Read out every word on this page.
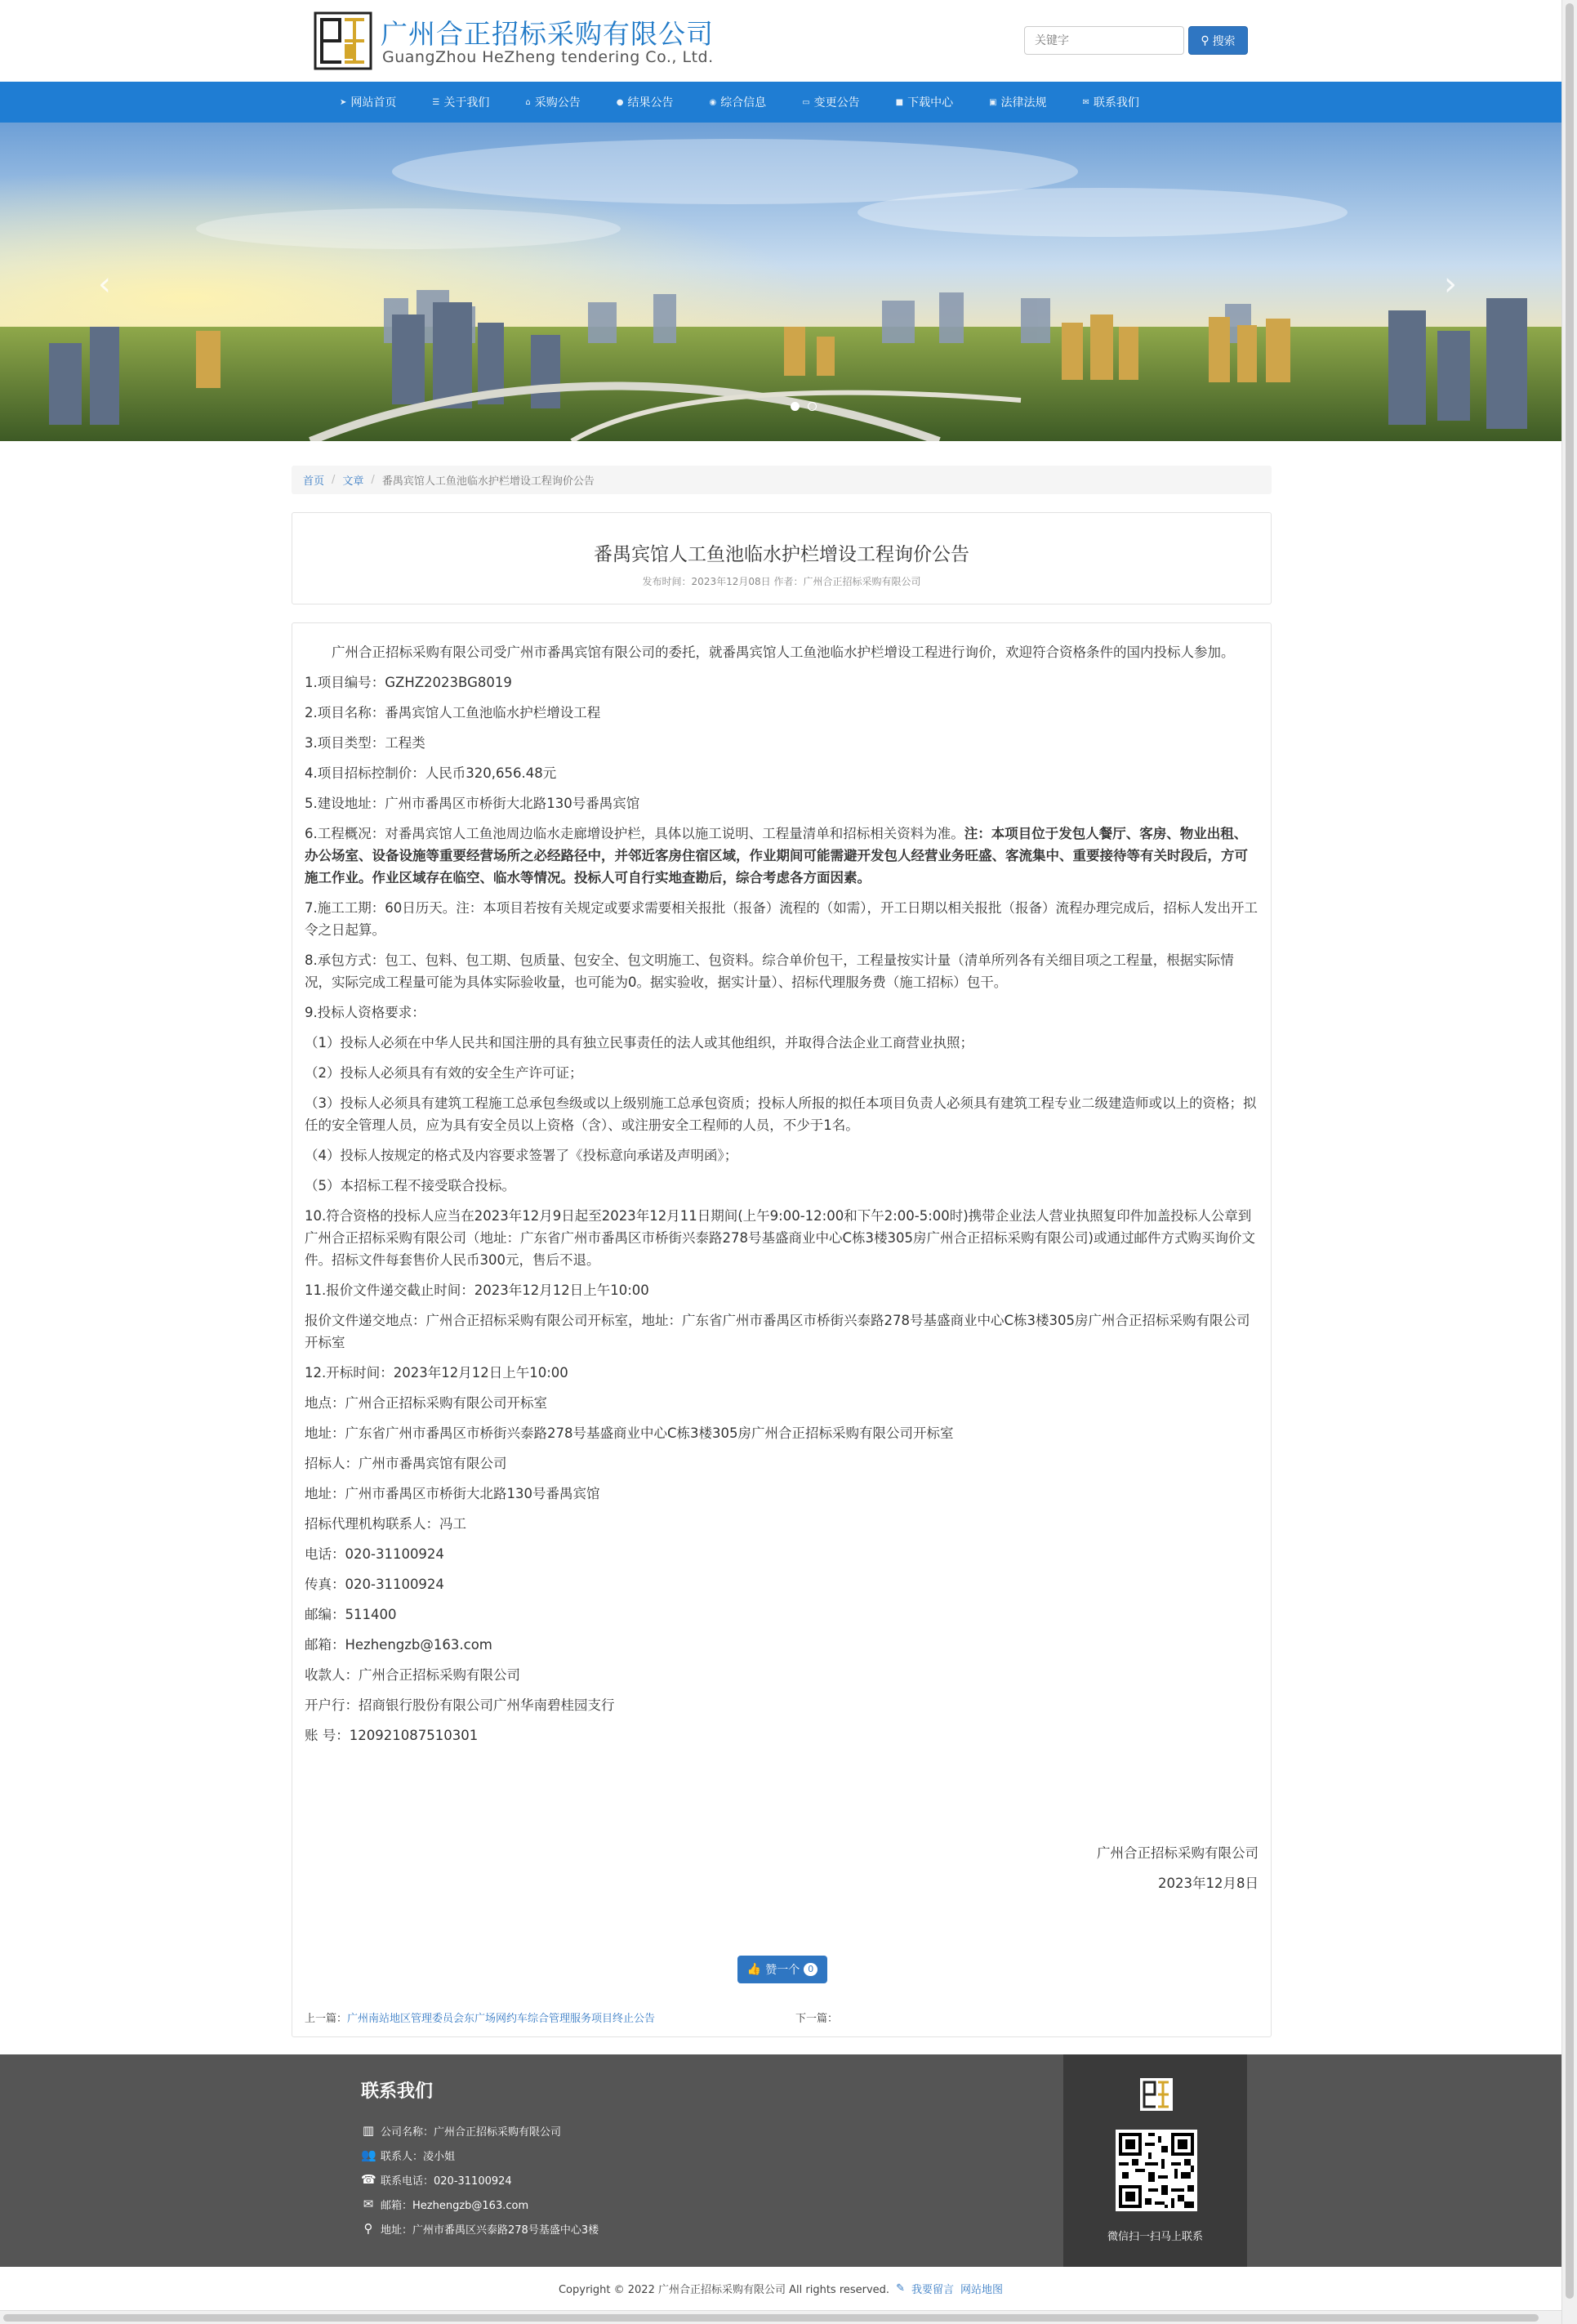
广州合正招标采购有限公司
GuangZhou HeZheng tendering Co., Ltd.
关键字
⚲ 搜索
➤ 网站首页	☰ 关于我们	⌂ 采购公告	● 结果公告	◉ 综合信息	▭ 变更公告	■ 下载中心	▣ 法律法规	✉ 联系我们
‹	›
首页 / 文章 / 番禺宾馆人工鱼池临水护栏增设工程询价公告
番禺宾馆人工鱼池临水护栏增设工程询价公告
发布时间：2023年12月08日 作者：广州合正招标采购有限公司

广州合正招标采购有限公司受广州市番禺宾馆有限公司的委托，就番禺宾馆人工鱼池临水护栏增设工程进行询价，欢迎符合资格条件的国内投标人参加。

1.项目编号：GZHZ2023BG8019

2.项目名称：番禺宾馆人工鱼池临水护栏增设工程

3.项目类型：工程类

4.项目招标控制价：人民币320,656.48元

5.建设地址：广州市番禺区市桥街大北路130号番禺宾馆

6.工程概况：对番禺宾馆人工鱼池周边临水走廊增设护栏，具体以施工说明、工程量清单和招标相关资料为准。注：本项目位于发包人餐厅、客房、物业出租、办公场室、设备设施等重要经营场所之必经路径中，并邻近客房住宿区域，作业期间可能需避开发包人经营业务旺盛、客流集中、重要接待等有关时段后，方可施工作业。作业区域存在临空、临水等情况。投标人可自行实地查勘后，综合考虑各方面因素。

7.施工工期：60日历天。注：本项目若按有关规定或要求需要相关报批（报备）流程的（如需），开工日期以相关报批（报备）流程办理完成后，招标人发出开工令之日起算。

8.承包方式：包工、包料、包工期、包质量、包安全、包文明施工、包资料。综合单价包干，工程量按实计量（清单所列各有关细目项之工程量，根据实际情况，实际完成工程量可能为具体实际验收量，也可能为0。据实验收，据实计量）、招标代理服务费（施工招标）包干。

9.投标人资格要求：

（1）投标人必须在中华人民共和国注册的具有独立民事责任的法人或其他组织，并取得合法企业工商营业执照；

（2）投标人必须具有有效的安全生产许可证；

（3）投标人必须具有建筑工程施工总承包叁级或以上级别施工总承包资质；投标人所报的拟任本项目负责人必须具有建筑工程专业二级建造师或以上的资格；拟任的安全管理人员，应为具有安全员以上资格（含）、或注册安全工程师的人员，不少于1名。

（4）投标人按规定的格式及内容要求签署了《投标意向承诺及声明函》；

（5）本招标工程不接受联合投标。

10.符合资格的投标人应当在2023年12月9日起至2023年12月11日期间(上午9:00-12:00和下午2:00-5:00时)携带企业法人营业执照复印件加盖投标人公章到广州合正招标采购有限公司（地址：广东省广州市番禺区市桥街兴泰路278号基盛商业中心C栋3楼305房广州合正招标采购有限公司)或通过邮件方式购买询价文件。招标文件每套售价人民币300元，售后不退。

11.报价文件递交截止时间：2023年12月12日上午10:00

报价文件递交地点：广州合正招标采购有限公司开标室，地址：广东省广州市番禺区市桥街兴泰路278号基盛商业中心C栋3楼305房广州合正招标采购有限公司开标室

12.开标时间：2023年12月12日上午10:00

地点：广州合正招标采购有限公司开标室

地址：广东省广州市番禺区市桥街兴泰路278号基盛商业中心C栋3楼305房广州合正招标采购有限公司开标室

招标人：广州市番禺宾馆有限公司

地址：广州市番禺区市桥街大北路130号番禺宾馆

招标代理机构联系人：冯工

电话：020-31100924

传真：020-31100924

邮编：511400

邮箱：Hezhengzb@163.com

收款人：广州合正招标采购有限公司

开户行：招商银行股份有限公司广州华南碧桂园支行

账 号：120921087510301

广州合正招标采购有限公司
2023年12月8日
👍 赞一个 0
上一篇：广州南站地区管理委员会东广场网约车综合管理服务项目终止公告	下一篇：
联系我们
▥ 公司名称：广州合正招标采购有限公司
👥 联系人：凌小姐
☎ 联系电话：020-31100924
✉ 邮箱：Hezhengzb@163.com
⚲ 地址：广州市番禺区兴泰路278号基盛中心3楼
微信扫一扫马上联系
Copyright © 2022 广州合正招标采购有限公司 All rights reserved. ✎ 我要留言 网站地图
